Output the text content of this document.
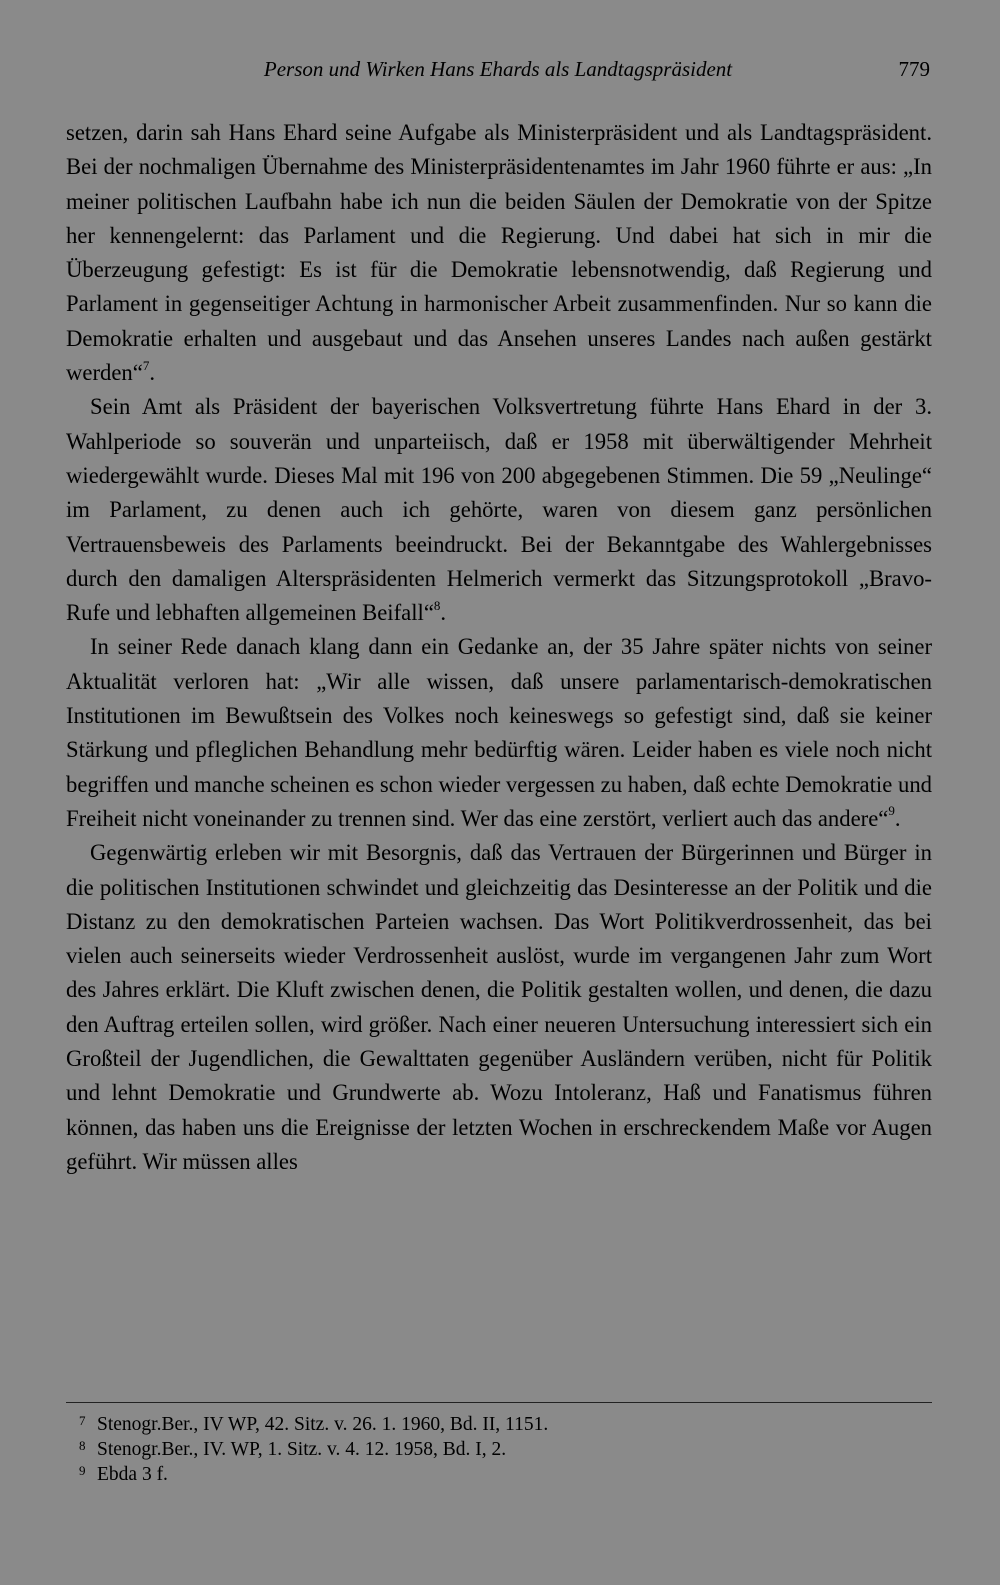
Person und Wirken Hans Ehards als Landtagspräsident	779

setzen, darin sah Hans Ehard seine Aufgabe als Ministerpräsident und als Landtagspräsident. Bei der nochmaligen Übernahme des Ministerpräsidentenamtes im Jahr 1960 führte er aus: „In meiner politischen Laufbahn habe ich nun die beiden Säulen der Demokratie von der Spitze her kennengelernt: das Parlament und die Regierung. Und dabei hat sich in mir die Überzeugung gefestigt: Es ist für die Demokratie lebensnotwendig, daß Regierung und Parlament in gegenseitiger Achtung in harmonischer Arbeit zusammenfinden. Nur so kann die Demokratie erhalten und ausgebaut und das Ansehen unseres Landes nach außen gestärkt werden“$^7$.

Sein Amt als Präsident der bayerischen Volksvertretung führte Hans Ehard in der 3. Wahlperiode so souverän und unparteiisch, daß er 1958 mit überwältigender Mehrheit wiedergewählt wurde. Dieses Mal mit 196 von 200 abgegebenen Stimmen. Die 59 „Neulinge“ im Parlament, zu denen auch ich gehörte, waren von diesem ganz persönlichen Vertrauensbeweis des Parlaments beeindruckt. Bei der Bekanntgabe des Wahlergebnisses durch den damaligen Alterspräsidenten Helmerich vermerkt das Sitzungsprotokoll „Bravo-Rufe und lebhaften allgemeinen Beifall“$^8$.

In seiner Rede danach klang dann ein Gedanke an, der 35 Jahre später nichts von seiner Aktualität verloren hat: „Wir alle wissen, daß unsere parlamentarisch-demokratischen Institutionen im Bewußtsein des Volkes noch keineswegs so gefestigt sind, daß sie keiner Stärkung und pfleglichen Behandlung mehr bedürftig wären. Leider haben es viele noch nicht begriffen und manche scheinen es schon wieder vergessen zu haben, daß echte Demokratie und Freiheit nicht voneinander zu trennen sind. Wer das eine zerstört, verliert auch das andere“$^9$.

Gegenwärtig erleben wir mit Besorgnis, daß das Vertrauen der Bürgerinnen und Bürger in die politischen Institutionen schwindet und gleichzeitig das Desinteresse an der Politik und die Distanz zu den demokratischen Parteien wachsen. Das Wort Politikverdrossenheit, das bei vielen auch seinerseits wieder Verdrossenheit auslöst, wurde im vergangenen Jahr zum Wort des Jahres erklärt. Die Kluft zwischen denen, die Politik gestalten wollen, und denen, die dazu den Auftrag erteilen sollen, wird größer. Nach einer neueren Untersuchung interessiert sich ein Großteil der Jugendlichen, die Gewalttaten gegenüber Ausländern verüben, nicht für Politik und lehnt Demokratie und Grundwerte ab. Wozu Intoleranz, Haß und Fanatismus führen können, das haben uns die Ereignisse der letzten Wochen in erschreckendem Maße vor Augen geführt. Wir müssen alles

7 Stenogr.Ber., IV WP, 42. Sitz. v. 26. 1. 1960, Bd. II, 1151.
8 Stenogr.Ber., IV. WP, 1. Sitz. v. 4. 12. 1958, Bd. I, 2.
9 Ebda 3 f.
